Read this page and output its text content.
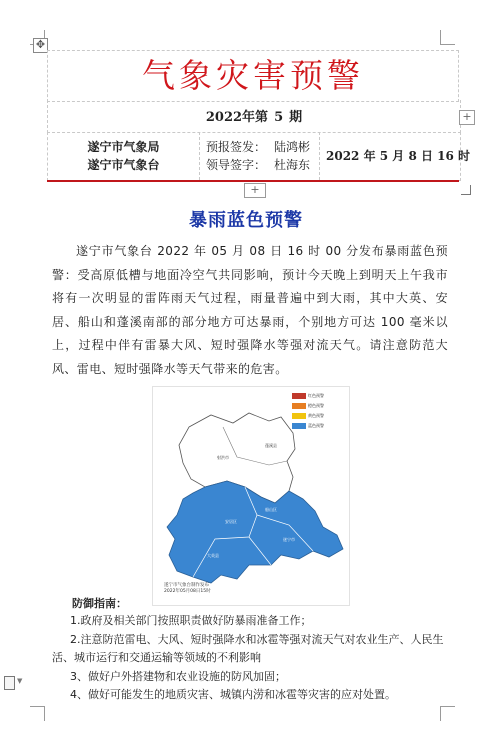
✥
气象灾害预警
2022年第 5 期
遂宁市气象局
遂宁市气象台
预报签发： 陆鸿彬
领导签字： 杜海东
2022 年 5 月 8 日 16 时
+
+
暴雨蓝色预警
遂宁市气象台 2022 年 05 月 08 日 16 时 00 分发布暴雨蓝色预警：受高原低槽与地面冷空气共同影响，预计今天晚上到明天上午我市将有一次明显的雷阵雨天气过程，雨量普遍中到大雨，其中大英、安居、船山和蓬溪南部的部分地方可达暴雨，个别地方可达 100 毫米以上，过程中伴有雷暴大风、短时强降水等强对流天气。请注意防范大风、雷电、短时强降水等天气带来的危害。
射洪市
蓬溪县
船山区
安居区
大英县
遂宁市
红色预警
橙色预警
黄色预警
蓝色预警
遂宁市气象台制作发布
2022年05月08日15时
防御指南：
1.政府及相关部门按照职责做好防暴雨准备工作；
2.注意防范雷电、大风、短时强降水和冰雹等强对流天气对农业生产、人民生活、城市运行和交通运输等领域的不利影响
3、做好户外搭建物和农业设施的防风加固；
4、做好可能发生的地质灾害、城镇内涝和冰雹等灾害的应对处置。
▼
